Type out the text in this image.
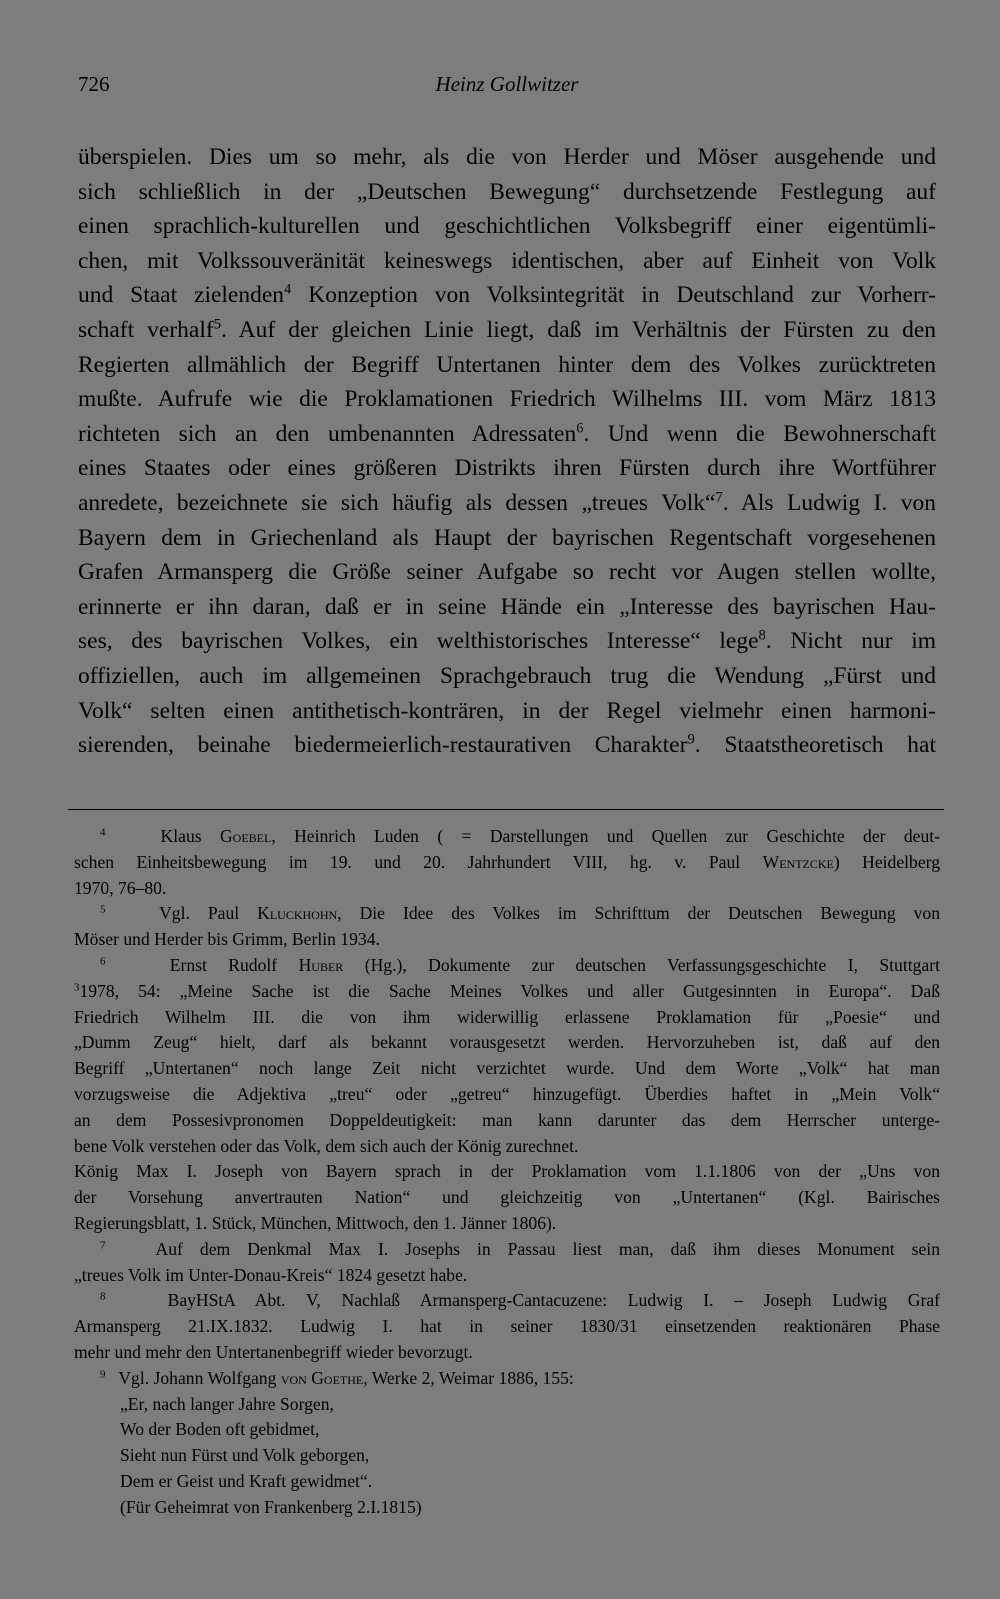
726	Heinz Gollwitzer
überspielen. Dies um so mehr, als die von Herder und Möser ausgehende und
sich schließlich in der „Deutschen Bewegung“ durchsetzende Festlegung auf
einen sprachlich-kulturellen und geschichtlichen Volksbegriff einer eigentümli-
chen, mit Volkssouveränität keineswegs identischen, aber auf Einheit von Volk
und Staat zielenden$^4$ Konzeption von Volksintegrität in Deutschland zur Vorherr-
schaft verhalf$^5$. Auf der gleichen Linie liegt, daß im Verhältnis der Fürsten zu den
Regierten allmählich der Begriff Untertanen hinter dem des Volkes zurücktreten
mußte. Aufrufe wie die Proklamationen Friedrich Wilhelms III. vom März 1813
richteten sich an den umbenannten Adressaten$^6$. Und wenn die Bewohnerschaft
eines Staates oder eines größeren Distrikts ihren Fürsten durch ihre Wortführer
anredete, bezeichnete sie sich häufig als dessen „treues Volk“$^7$. Als Ludwig I. von
Bayern dem in Griechenland als Haupt der bayrischen Regentschaft vorgesehenen
Grafen Armansperg die Größe seiner Aufgabe so recht vor Augen stellen wollte,
erinnerte er ihn daran, daß er in seine Hände ein „Interesse des bayrischen Hau-
ses, des bayrischen Volkes, ein welthistorisches Interesse“ lege$^8$. Nicht nur im
offiziellen, auch im allgemeinen Sprachgebrauch trug die Wendung „Fürst und
Volk“ selten einen antithetisch-konträren, in der Regel vielmehr einen harmoni-
sierenden, beinahe biedermeierlich-restaurativen Charakter$^9$. Staatstheoretisch hat
$^4$	Klaus Goebel, Heinrich Luden ( = Darstellungen und Quellen zur Geschichte der deut-
schen Einheitsbewegung im 19. und 20. Jahrhundert VIII, hg. v. Paul Wentzcke) Heidelberg
1970, 76–80.
$^5$	Vgl. Paul Kluckhohn, Die Idee des Volkes im Schrifttum der Deutschen Bewegung von
Möser und Herder bis Grimm, Berlin 1934.
$^6$	Ernst Rudolf Huber (Hg.), Dokumente zur deutschen Verfassungsgeschichte I, Stuttgart
$^3$1978, 54: „Meine Sache ist die Sache Meines Volkes und aller Gutgesinnten in Europa“. Daß
Friedrich Wilhelm III. die von ihm widerwillig erlassene Proklamation für „Poesie“ und
„Dumm Zeug“ hielt, darf als bekannt vorausgesetzt werden. Hervorzuheben ist, daß auf den
Begriff „Untertanen“ noch lange Zeit nicht verzichtet wurde. Und dem Worte „Volk“ hat man
vorzugsweise die Adjektiva „treu“ oder „getreu“ hinzugefügt. Überdies haftet in „Mein Volk“
an dem Possesivpronomen Doppeldeutigkeit: man kann darunter das dem Herrscher unterge-
bene Volk verstehen oder das Volk, dem sich auch der König zurechnet.
König Max I. Joseph von Bayern sprach in der Proklamation vom 1.1.1806 von der „Uns von
der Vorsehung anvertrauten Nation“ und gleichzeitig von „Untertanen“ (Kgl. Bairisches
Regierungsblatt, 1. Stück, München, Mittwoch, den 1. Jänner 1806).
$^7$	Auf dem Denkmal Max I. Josephs in Passau liest man, daß ihm dieses Monument sein
„treues Volk im Unter-Donau-Kreis“ 1824 gesetzt habe.
$^8$	BayHStA Abt. V, Nachlaß Armansperg-Cantacuzene: Ludwig I. – Joseph Ludwig Graf
Armansperg 21.IX.1832. Ludwig I. hat in seiner 1830/31 einsetzenden reaktionären Phase
mehr und mehr den Untertanenbegriff wieder bevorzugt.
$^9$ Vgl. Johann Wolfgang von Goethe, Werke 2, Weimar 1886, 155:
„Er, nach langer Jahre Sorgen,
Wo der Boden oft gebidmet,
Sieht nun Fürst und Volk geborgen,
Dem er Geist und Kraft gewidmet“.
(Für Geheimrat von Frankenberg 2.I.1815)
